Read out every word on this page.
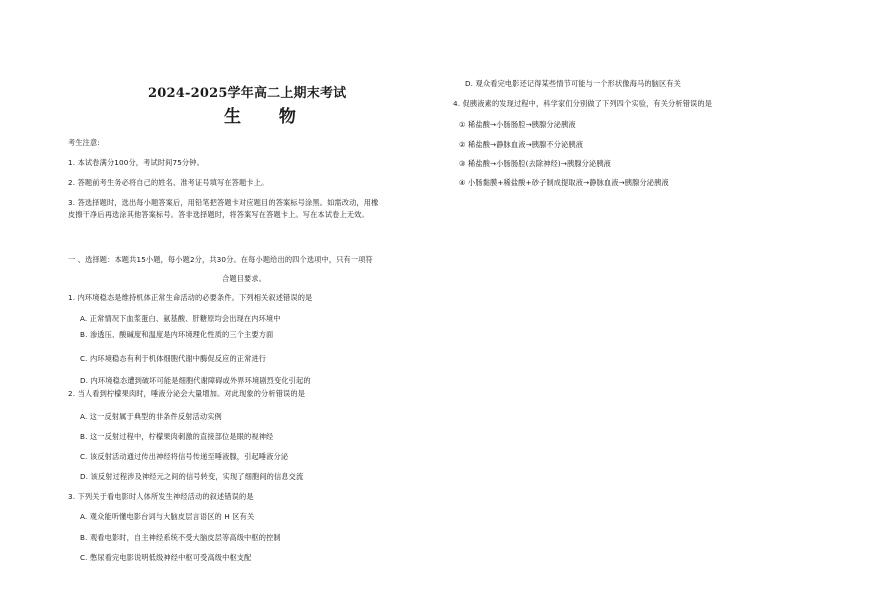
2024-2025学年高二上期末考试
生 物
考生注意:
1. 本试卷满分100分，考试时间75分钟。
2. 答题前考生务必将自己的姓名、准考证号填写在答题卡上。
3. 答选择题时，选出每小题答案后，用铅笔把答题卡对应题目的答案标号涂黑。如需改动，用橡
皮擦干净后再选涂其他答案标号。答非选择题时，将答案写在答题卡上。写在本试卷上无效。
一 、选择题：本题共15小题，每小题2分，共30分。在每小题给出的四个选项中，只有一项符
合题目要求。
1. 内环境稳态是维持机体正常生命活动的必要条件。下列相关叙述错误的是
A. 正常情况下血浆蛋白、氨基酸、肝糖原均会出现在内环境中
B. 渗透压、酸碱度和温度是内环境理化性质的三个主要方面
C. 内环境稳态有利于机体细胞代谢中酶促反应的正常进行
D. 内环境稳态遭到破坏可能是细胞代谢障碍或外界环境剧烈变化引起的
2. 当人看到柠檬果肉时，唾液分泌会大量增加。对此现象的分析错误的是
A. 这一反射属于典型的非条件反射活动实例
B. 这一反射过程中，柠檬果肉刺激的直接部位是眼的视神经
C. 该反射活动通过传出神经将信号传递至唾液腺，引起唾液分泌
D. 该反射过程涉及神经元之间的信号转变，实现了细胞间的信息交流
3. 下列关于看电影时人体所发生神经活动的叙述错误的是
A. 观众能听懂电影台词与大脑皮层言语区的 H 区有关
B. 观看电影时，自主神经系统不受大脑皮层等高级中枢的控制
C. 憋尿看完电影说明低级神经中枢可受高级中枢支配
D. 观众看完电影还记得某些情节可能与一个形状像海马的脑区有关
4. 促胰液素的发现过程中，科学家们分别做了下列四个实验，有关分析错误的是
① 稀盐酸→小肠肠腔→胰腺分泌胰液
② 稀盐酸→静脉血液→胰腺不分泌胰液
③ 稀盐酸→小肠肠腔(去除神经)→胰腺分泌胰液
④ 小肠黏膜+稀盐酸+砂子制成提取液→静脉血液→胰腺分泌胰液
